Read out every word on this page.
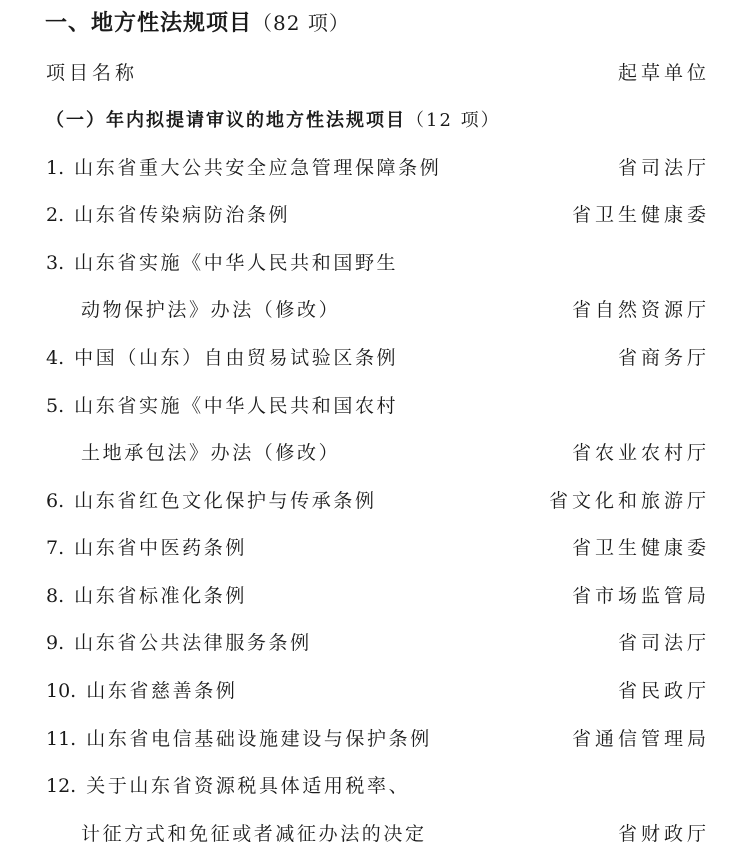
一、地方性法规项目（82 项）
项目名称	起草单位
（一）年内拟提请审议的地方性法规项目（12 项）
1. 山东省重大公共安全应急管理保障条例	省司法厅
2. 山东省传染病防治条例	省卫生健康委
3. 山东省实施《中华人民共和国野生
动物保护法》办法（修改）	省自然资源厅
4. 中国（山东）自由贸易试验区条例	省商务厅
5. 山东省实施《中华人民共和国农村
土地承包法》办法（修改）	省农业农村厅
6. 山东省红色文化保护与传承条例	省文化和旅游厅
7. 山东省中医药条例	省卫生健康委
8. 山东省标准化条例	省市场监管局
9. 山东省公共法律服务条例	省司法厅
10. 山东省慈善条例	省民政厅
11. 山东省电信基础设施建设与保护条例	省通信管理局
12. 关于山东省资源税具体适用税率、
计征方式和免征或者减征办法的决定	省财政厅
